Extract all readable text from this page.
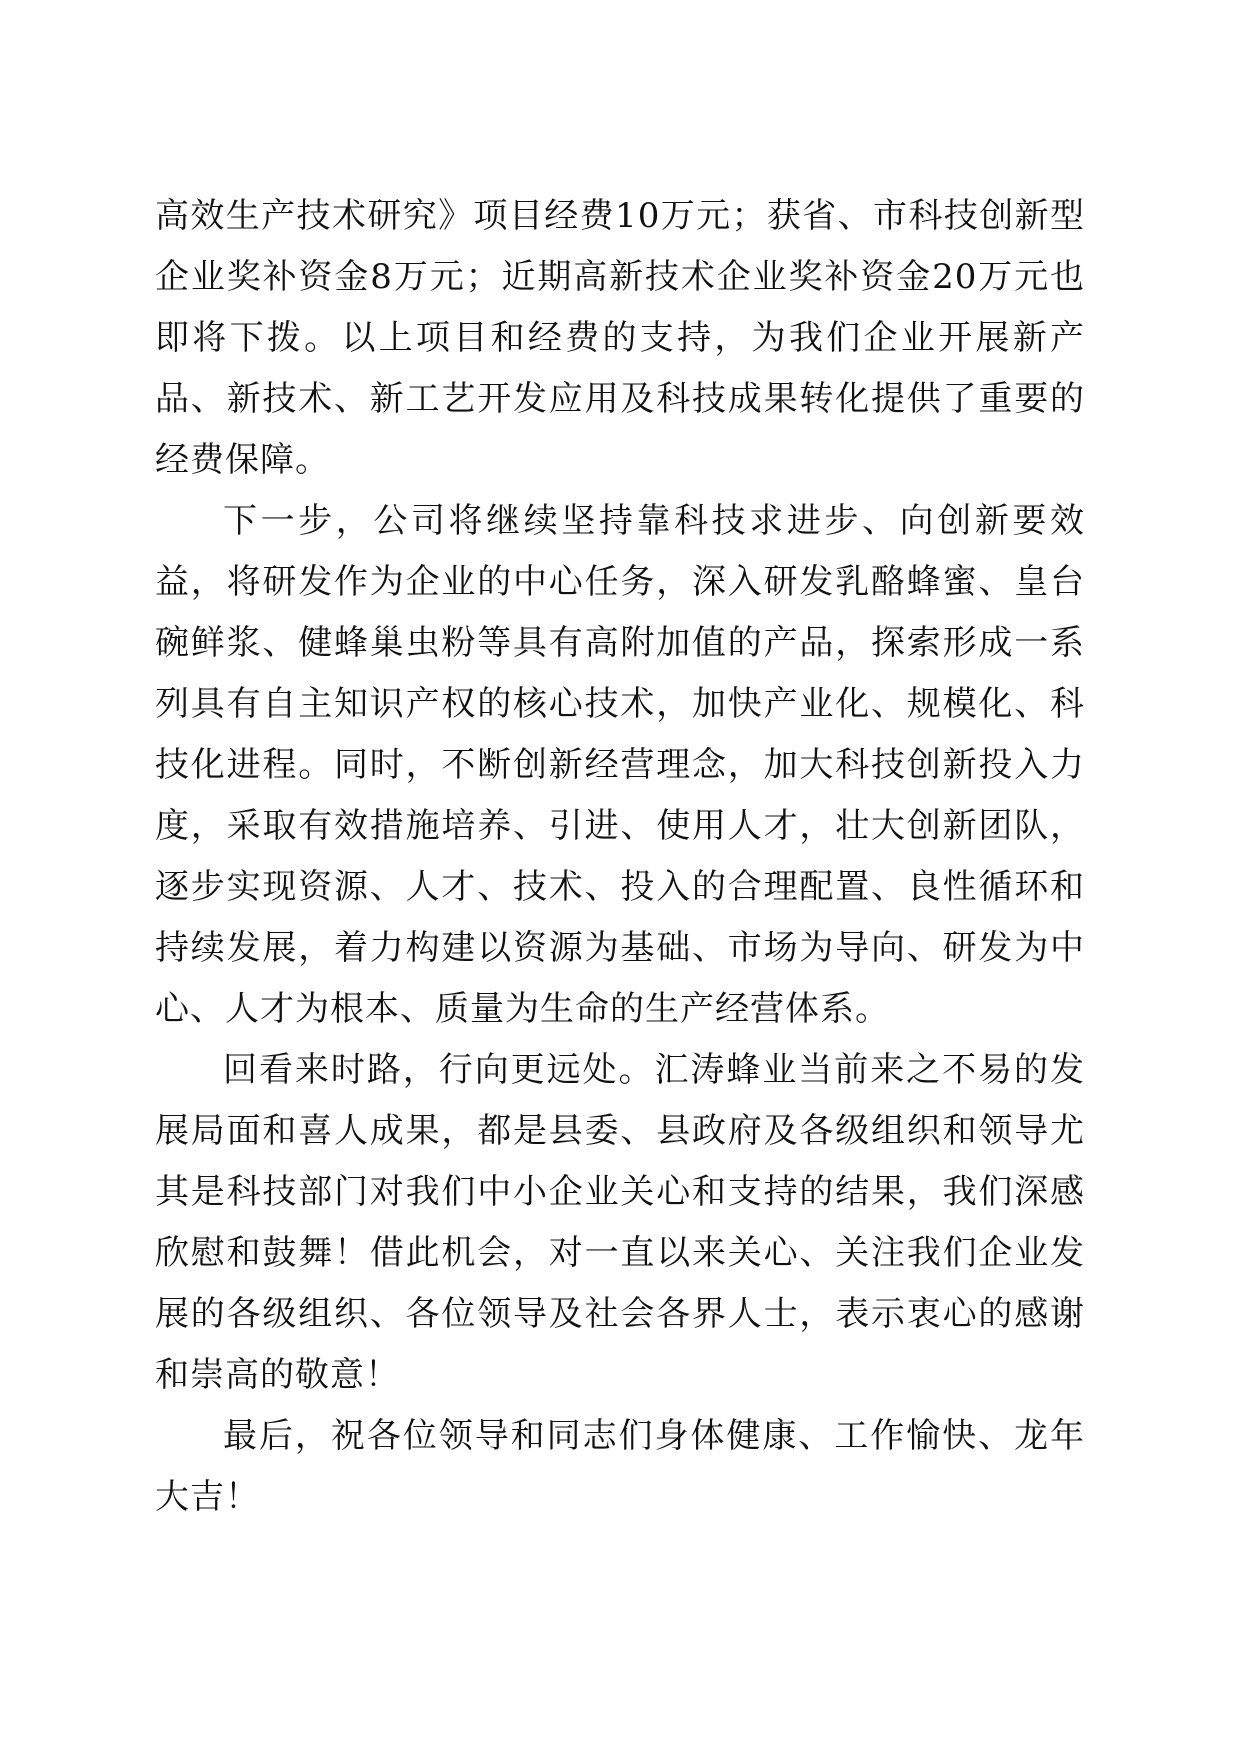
高效生产技术研究》项目经费10万元；获省、市科技创新型企业奖补资金8万元；近期高新技术企业奖补资金20万元也即将下拨。以上项目和经费的支持，为我们企业开展新产品、新技术、新工艺开发应用及科技成果转化提供了重要的经费保障。

下一步，公司将继续坚持靠科技求进步、向创新要效益，将研发作为企业的中心任务，深入研发乳酪蜂蜜、皇台碗鲜浆、健蜂巢虫粉等具有高附加值的产品，探索形成一系列具有自主知识产权的核心技术，加快产业化、规模化、科技化进程。同时，不断创新经营理念，加大科技创新投入力度，采取有效措施培养、引进、使用人才，壮大创新团队，逐步实现资源、人才、技术、投入的合理配置、良性循环和持续发展，着力构建以资源为基础、市场为导向、研发为中心、人才为根本、质量为生命的生产经营体系。

回看来时路，行向更远处。汇涛蜂业当前来之不易的发展局面和喜人成果，都是县委、县政府及各级组织和领导尤其是科技部门对我们中小企业关心和支持的结果，我们深感欣慰和鼓舞！借此机会，对一直以来关心、关注我们企业发展的各级组织、各位领导及社会各界人士，表示衷心的感谢和崇高的敬意！

最后，祝各位领导和同志们身体健康、工作愉快、龙年大吉！
